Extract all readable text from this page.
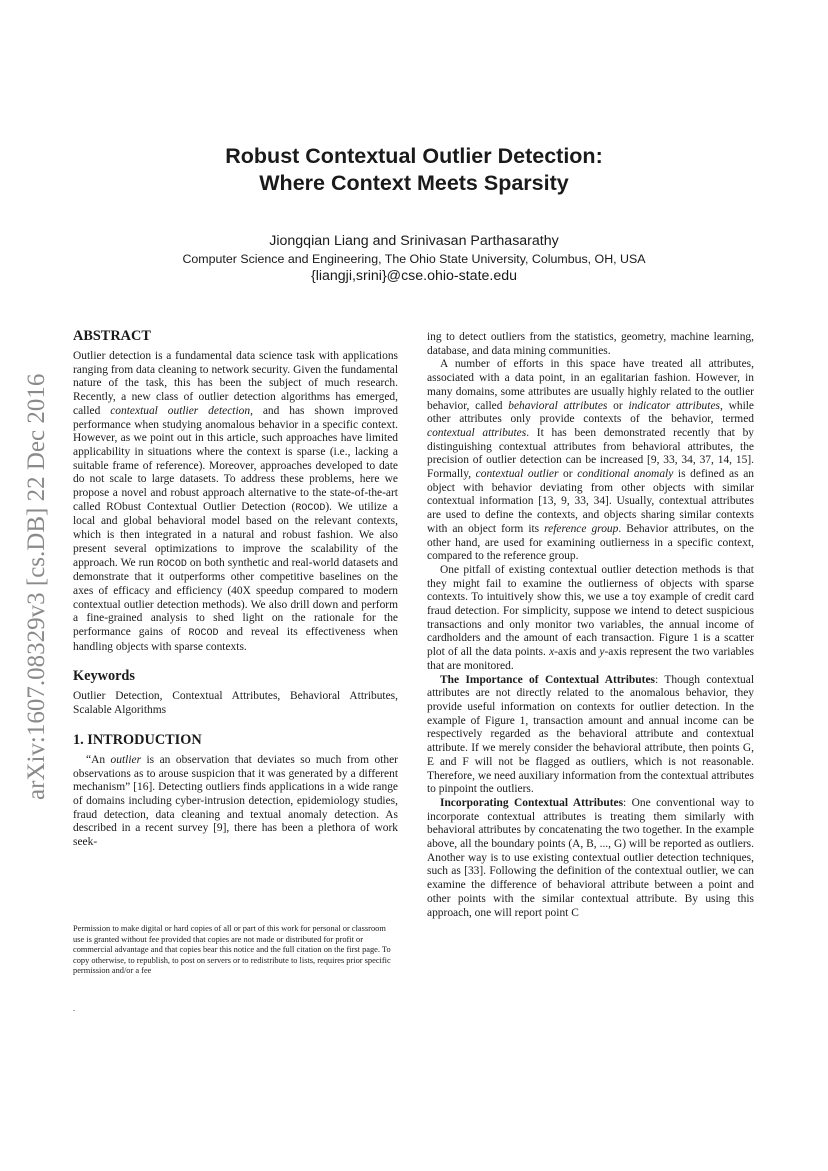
arXiv:1607.08329v3 [cs.DB] 22 Dec 2016
Robust Contextual Outlier Detection:
Where Context Meets Sparsity
Jiongqian Liang and Srinivasan Parthasarathy
Computer Science and Engineering, The Ohio State University, Columbus, OH, USA
{liangji,srini}@cse.ohio-state.edu
ABSTRACT

Outlier detection is a fundamental data science task with applications ranging from data cleaning to network security. Given the fundamental nature of the task, this has been the subject of much research. Recently, a new class of outlier detection algorithms has emerged, called contextual outlier detection, and has shown improved performance when studying anomalous behavior in a specific context. However, as we point out in this article, such approaches have limited applicability in situations where the context is sparse (i.e., lacking a suitable frame of reference). Moreover, approaches developed to date do not scale to large datasets. To address these problems, here we propose a novel and robust approach alternative to the state-of-the-art called RObust Contextual Outlier Detection (ROCOD). We utilize a local and global behavioral model based on the relevant contexts, which is then integrated in a natural and robust fashion. We also present several optimizations to improve the scalability of the approach. We run ROCOD on both synthetic and real-world datasets and demonstrate that it outperforms other competitive baselines on the axes of efficacy and efficiency (40X speedup compared to modern contextual outlier detection methods). We also drill down and perform a fine-grained analysis to shed light on the rationale for the performance gains of ROCOD and reveal its effectiveness when handling objects with sparse contexts.

Keywords

Outlier Detection, Contextual Attributes, Behavioral Attributes, Scalable Algorithms

1. INTRODUCTION

“An outlier is an observation that deviates so much from other observations as to arouse suspicion that it was generated by a different mechanism” [16]. Detecting outliers finds applications in a wide range of domains including cyber-intrusion detection, epidemiology studies, fraud detection, data cleaning and textual anomaly detection. As described in a recent survey [9], there has been a plethora of work seek-

Permission to make digital or hard copies of all or part of this work for personal or classroom use is granted without fee provided that copies are not made or distributed for profit or commercial advantage and that copies bear this notice and the full citation on the first page. To copy otherwise, to republish, to post on servers or to redistribute to lists, requires prior specific permission and/or a fee
.

ing to detect outliers from the statistics, geometry, machine learning, database, and data mining communities.

A number of efforts in this space have treated all attributes, associated with a data point, in an egalitarian fashion. However, in many domains, some attributes are usually highly related to the outlier behavior, called behavioral attributes or indicator attributes, while other attributes only provide contexts of the behavior, termed contextual attributes. It has been demonstrated recently that by distinguishing contextual attributes from behavioral attributes, the precision of outlier detection can be increased [9, 33, 34, 37, 14, 15]. Formally, contextual outlier or conditional anomaly is defined as an object with behavior deviating from other objects with similar contextual information [13, 9, 33, 34]. Usually, contextual attributes are used to define the contexts, and objects sharing similar contexts with an object form its reference group. Behavior attributes, on the other hand, are used for examining outlierness in a specific context, compared to the reference group.

One pitfall of existing contextual outlier detection methods is that they might fail to examine the outlierness of objects with sparse contexts. To intuitively show this, we use a toy example of credit card fraud detection. For simplicity, suppose we intend to detect suspicious transactions and only monitor two variables, the annual income of cardholders and the amount of each transaction. Figure 1 is a scatter plot of all the data points. x-axis and y-axis represent the two variables that are monitored.

The Importance of Contextual Attributes: Though contextual attributes are not directly related to the anomalous behavior, they provide useful information on contexts for outlier detection. In the example of Figure 1, transaction amount and annual income can be respectively regarded as the behavioral attribute and contextual attribute. If we merely consider the behavioral attribute, then points G, E and F will not be flagged as outliers, which is not reasonable. Therefore, we need auxiliary information from the contextual attributes to pinpoint the outliers.

Incorporating Contextual Attributes: One conventional way to incorporate contextual attributes is treating them similarly with behavioral attributes by concatenating the two together. In the example above, all the boundary points (A, B, ..., G) will be reported as outliers. Another way is to use existing contextual outlier detection techniques, such as [33]. Following the definition of the contextual outlier, we can examine the difference of behavioral attribute between a point and other points with the similar contextual attribute. By using this approach, one will report point C
